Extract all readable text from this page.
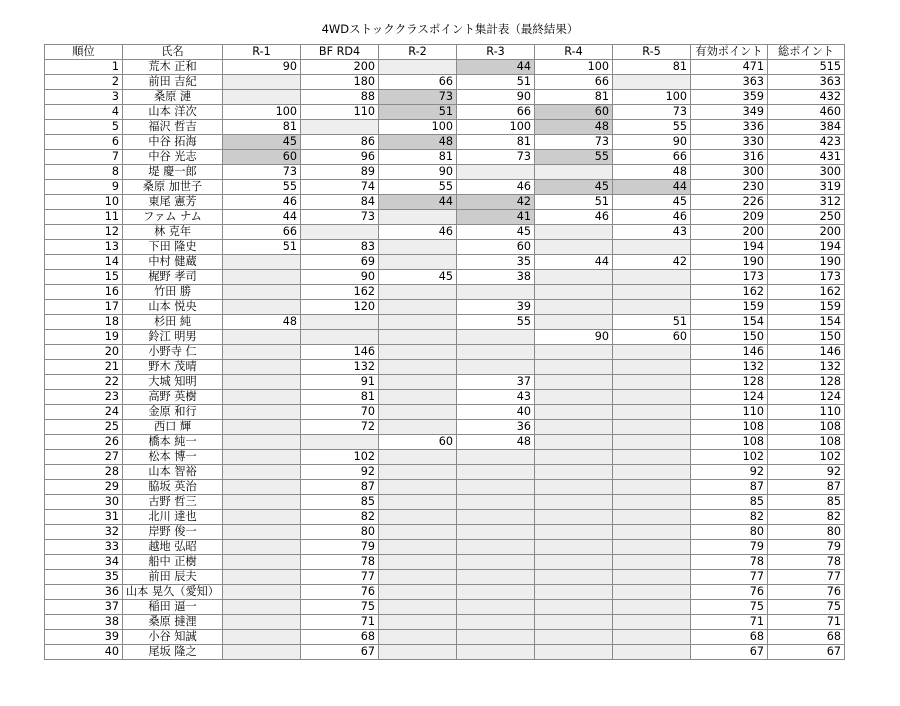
4WDストッククラスポイント集計表（最終結果）
順位	氏名	R-1	BF RD4	R-2	R-3	R-4	R-5	有効ポイント	総ポイント
1	荒木 正和	90	200		44	100	81	471	515
2	前田 吉紀		180	66	51	66		363	363
3	桑原 漣		88	73	90	81	100	359	432
4	山本 洋次	100	110	51	66	60	73	349	460
5	福沢 哲吉	81		100	100	48	55	336	384
6	中谷 拓海	45	86	48	81	73	90	330	423
7	中谷 光志	60	96	81	73	55	66	316	431
8	堤 慶一郎	73	89	90			48	300	300
9	桑原 加世子	55	74	55	46	45	44	230	319
10	東尾 憲芳	46	84	44	42	51	45	226	312
11	ファム ナム	44	73		41	46	46	209	250
12	林 克年	66		46	45		43	200	200
13	下田 隆史	51	83		60			194	194
14	中村 健蔵		69		35	44	42	190	190
15	梶野 孝司		90	45	38			173	173
16	竹田 勝		162					162	162
17	山本 悦央		120		39			159	159
18	杉田 純	48			55		51	154	154
19	鈴江 明男					90	60	150	150
20	小野寺 仁		146					146	146
21	野木 茂晴		132					132	132
22	大城 知明		91		37			128	128
23	高野 英樹		81		43			124	124
24	金原 和行		70		40			110	110
25	西口 輝		72		36			108	108
26	橋本 純一			60	48			108	108
27	松本 博一		102					102	102
28	山本 智裕		92					92	92
29	脇坂 英治		87					87	87
30	古野 哲三		85					85	85
31	北川 達也		82					82	82
32	岸野 俊一		80					80	80
33	越地 弘昭		79					79	79
34	船中 正樹		78					78	78
35	前田 辰夫		77					77	77
36	山本 晃久（愛知）		76					76	76
37	稲田 逼一		75					75	75
38	桑原 撻浬		71					71	71
39	小谷 知誠		68					68	68
40	尾坂 隆之		67					67	67
